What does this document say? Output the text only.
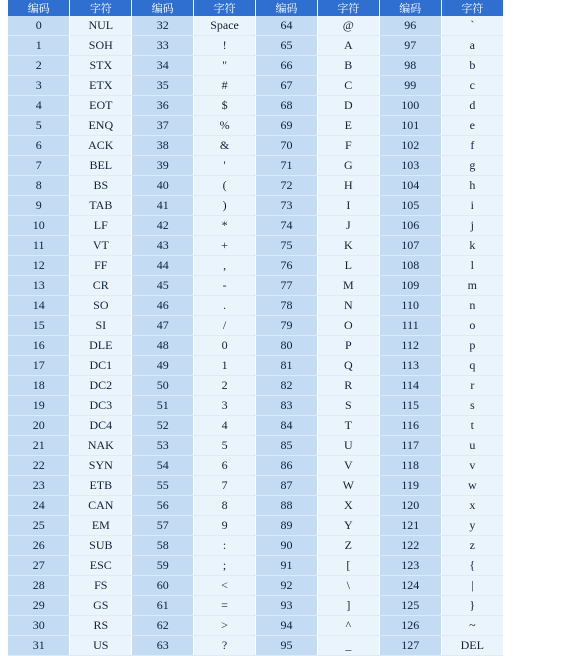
编码	字符	编码	字符	编码	字符	编码	字符
0	NUL	32	Space	64	@	96	`
1	SOH	33	!	65	A	97	a
2	STX	34	"	66	B	98	b
3	ETX	35	#	67	C	99	c
4	EOT	36	$	68	D	100	d
5	ENQ	37	%	69	E	101	e
6	ACK	38	&	70	F	102	f
7	BEL	39	'	71	G	103	g
8	BS	40	(	72	H	104	h
9	TAB	41	)	73	I	105	i
10	LF	42	*	74	J	106	j
11	VT	43	+	75	K	107	k
12	FF	44	,	76	L	108	l
13	CR	45	-	77	M	109	m
14	SO	46	.	78	N	110	n
15	SI	47	/	79	O	111	o
16	DLE	48	0	80	P	112	p
17	DC1	49	1	81	Q	113	q
18	DC2	50	2	82	R	114	r
19	DC3	51	3	83	S	115	s
20	DC4	52	4	84	T	116	t
21	NAK	53	5	85	U	117	u
22	SYN	54	6	86	V	118	v
23	ETB	55	7	87	W	119	w
24	CAN	56	8	88	X	120	x
25	EM	57	9	89	Y	121	y
26	SUB	58	:	90	Z	122	z
27	ESC	59	;	91	[	123	{
28	FS	60	<	92	\	124	|
29	GS	61	=	93	]	125	}
30	RS	62	>	94	^	126	~
31	US	63	?	95	_	127	DEL
